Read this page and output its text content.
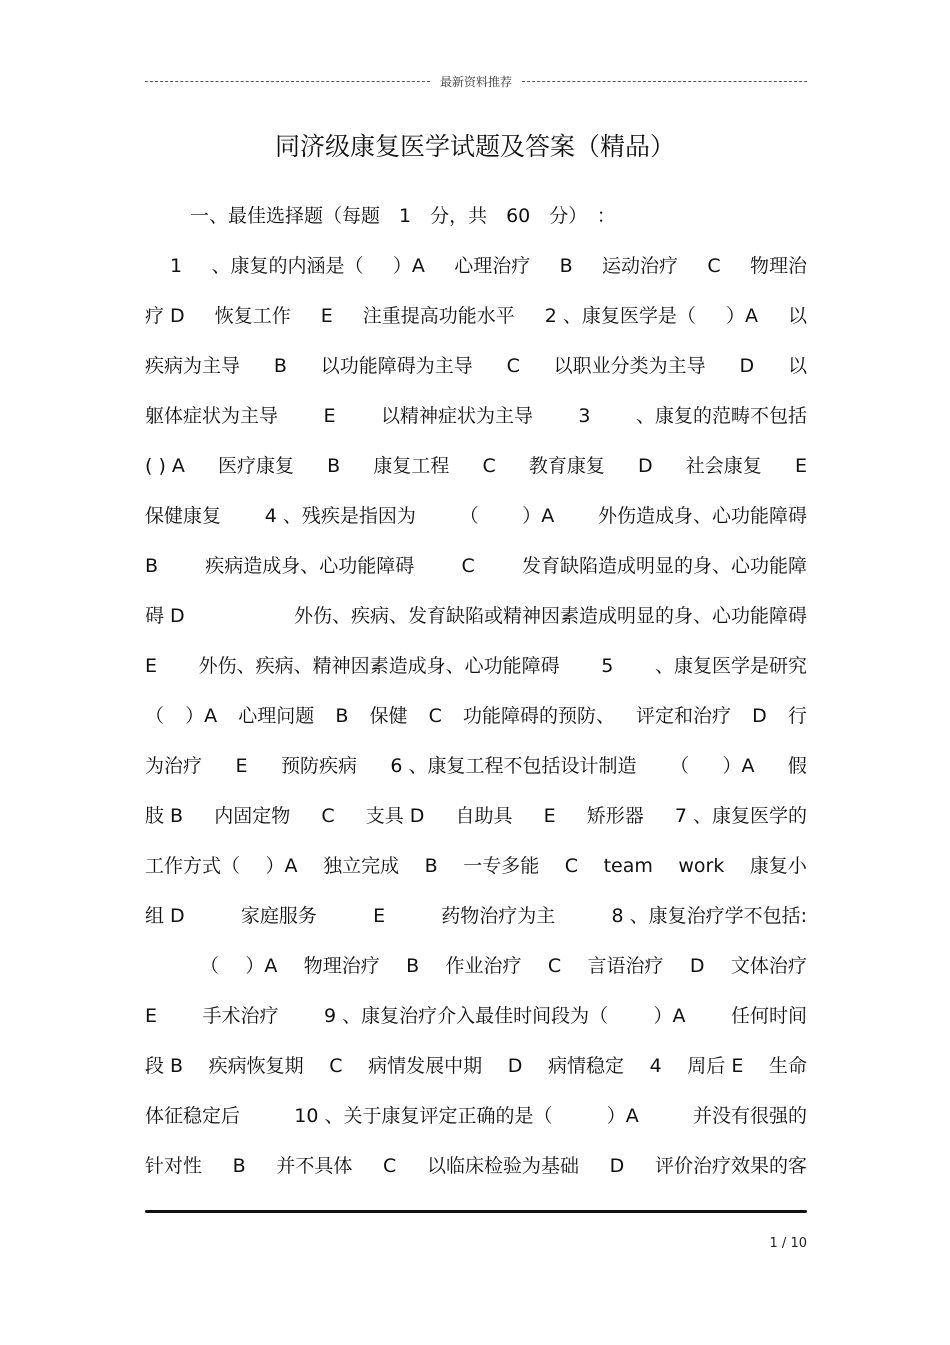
最新资料推荐
同济级康复医学试题及答案（精品）
一、最佳选择题（每题　1　分，共　60　分）　：
1 、康复的内涵是（ ）A 心理治疗 B 运动治疗 C 物理治
疗 D 恢复工作 E 注重提高功能水平 2 、康复医学是（ ）A 以
疾病为主导 B 以功能障碍为主导 C 以职业分类为主导 D 以
躯体症状为主导 E 以精神症状为主导 3 、康复的范畴不包括
( ) A 医疗康复 B 康复工程 C 教育康复 D 社会康复 E
保健康复 4 、残疾是指因为 （ ）A 外伤造成身、心功能障碍
B 疾病造成身、心功能障碍 C 发育缺陷造成明显的身、心功能障
碍 D	外伤、疾病、发育缺陷或精神因素造成明显的身、心功能障碍
E 外伤、疾病、精神因素造成身、心功能障碍 5 、康复医学是研究
（ ）A 心理问题 B 保健 C 功能障碍的预防、 评定和治疗 D 行
为治疗 E 预防疾病 6 、康复工程不包括设计制造 （ ）A 假
肢 B 内固定物 C 支具 D 自助具 E 矫形器 7 、康复医学的
工作方式（ ）A 独立完成 B 一专多能 C team work 康复小
组 D	家庭服务	E	药物治疗为主	8 、康复治疗学不包括:
（ ）A 物理治疗 B 作业治疗 C 言语治疗 D 文体治疗
E 手术治疗 9 、康复治疗介入最佳时间段为（ ）A 任何时间
段 B 疾病恢复期 C 病情发展中期 D 病情稳定 4 周后 E 生命
体征稳定后	10 、关于康复评定正确的是（	）A	并没有很强的
针对性 B 并不具体 C 以临床检验为基础 D 评价治疗效果的客
1 / 10
